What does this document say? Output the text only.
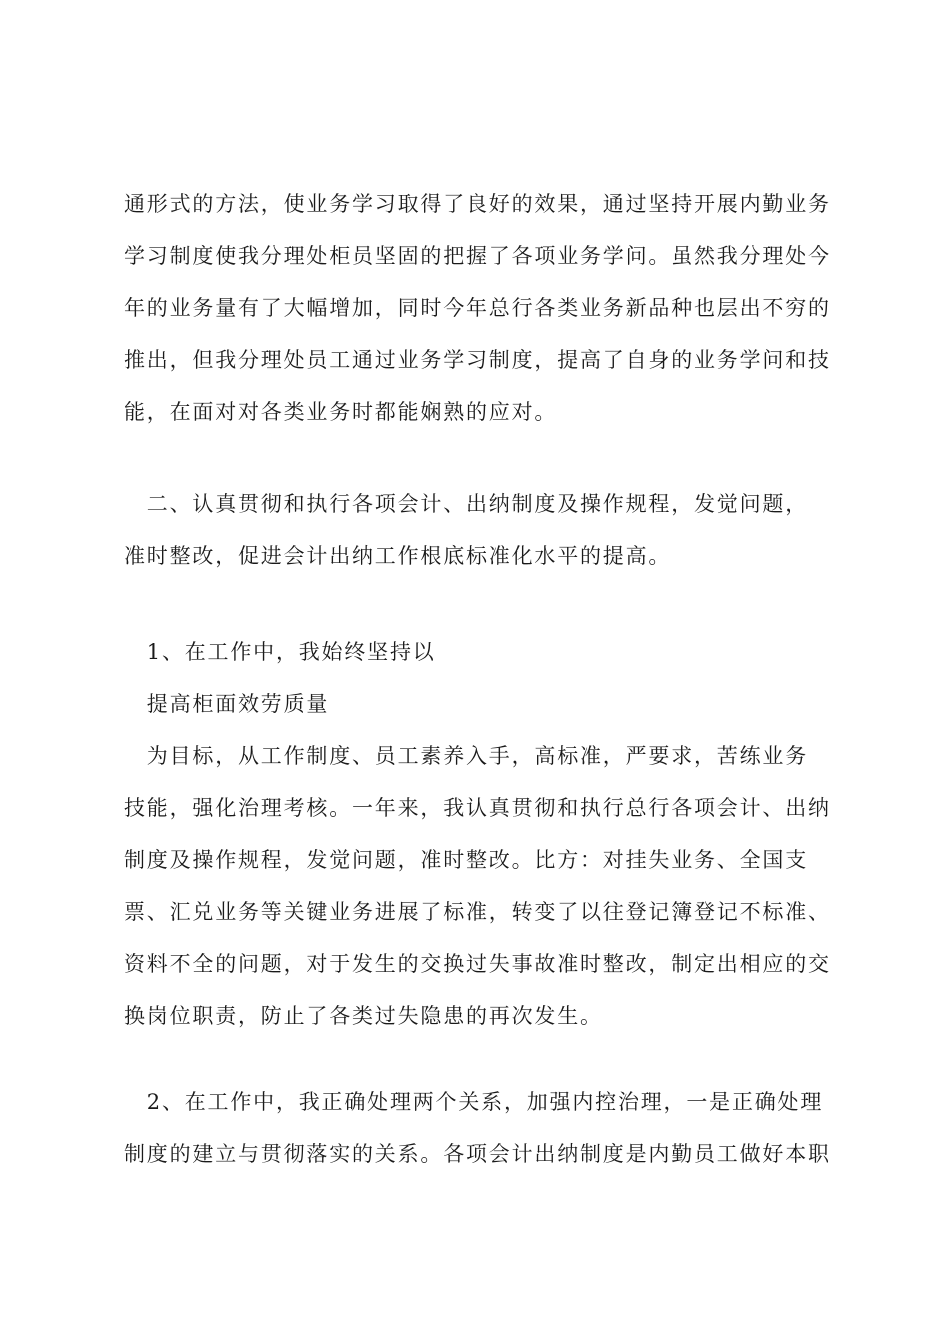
通形式的方法，使业务学习取得了良好的效果，通过坚持开展内勤业务
学习制度使我分理处柜员坚固的把握了各项业务学问。虽然我分理处今
年的业务量有了大幅增加，同时今年总行各类业务新品种也层出不穷的
推出，但我分理处员工通过业务学习制度，提高了自身的业务学问和技
能，在面对对各类业务时都能娴熟的应对。

　二、认真贯彻和执行各项会计、出纳制度及操作规程，发觉问题，
准时整改，促进会计出纳工作根底标准化水平的提高。

　1、在工作中，我始终坚持以
　提高柜面效劳质量
　为目标，从工作制度、员工素养入手，高标准，严要求，苦练业务
技能，强化治理考核。一年来，我认真贯彻和执行总行各项会计、出纳
制度及操作规程，发觉问题，准时整改。比方：对挂失业务、全国支
票、汇兑业务等关键业务进展了标准，转变了以往登记簿登记不标准、
资料不全的问题，对于发生的交换过失事故准时整改，制定出相应的交
换岗位职责，防止了各类过失隐患的再次发生。

　2、在工作中，我正确处理两个关系，加强内控治理，一是正确处理
制度的建立与贯彻落实的关系。各项会计出纳制度是内勤员工做好本职
